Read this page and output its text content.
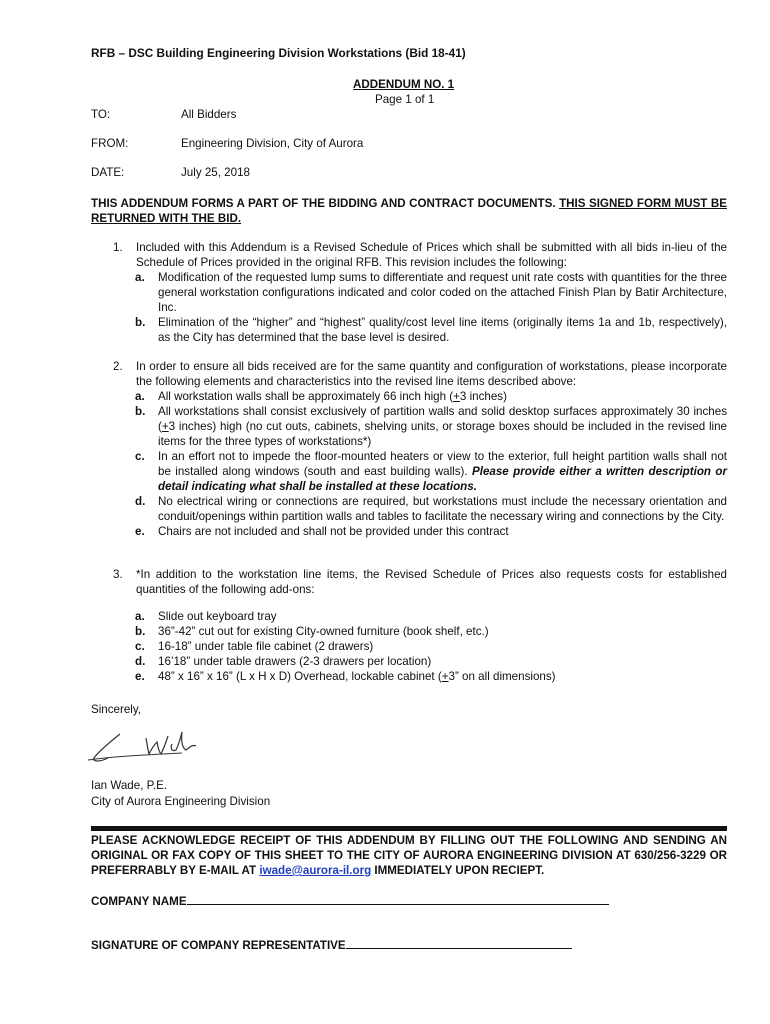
RFB – DSC Building Engineering Division Workstations (Bid 18-41)
ADDENDUM NO. 1
Page 1 of 1
TO:	All Bidders
FROM:	Engineering Division, City of Aurora
DATE:	July 25, 2018
THIS ADDENDUM FORMS A PART OF THE BIDDING AND CONTRACT DOCUMENTS. THIS SIGNED FORM MUST BE RETURNED WITH THE BID.
1. Included with this Addendum is a Revised Schedule of Prices which shall be submitted with all bids in-lieu of the Schedule of Prices provided in the original RFB. This revision includes the following:
a. Modification of the requested lump sums to differentiate and request unit rate costs with quantities for the three general workstation configurations indicated and color coded on the attached Finish Plan by Batir Architecture, Inc.
b. Elimination of the “higher” and “highest” quality/cost level line items (originally items 1a and 1b, respectively), as the City has determined that the base level is desired.
2. In order to ensure all bids received are for the same quantity and configuration of workstations, please incorporate the following elements and characteristics into the revised line items described above:
a. All workstation walls shall be approximately 66 inch high (+3 inches)
b. All workstations shall consist exclusively of partition walls and solid desktop surfaces approximately 30 inches (+3 inches) high (no cut outs, cabinets, shelving units, or storage boxes should be included in the revised line items for the three types of workstations*)
c. In an effort not to impede the floor-mounted heaters or view to the exterior, full height partition walls shall not be installed along windows (south and east building walls). Please provide either a written description or detail indicating what shall be installed at these locations.
d. No electrical wiring or connections are required, but workstations must include the necessary orientation and conduit/openings within partition walls and tables to facilitate the necessary wiring and connections by the City.
e. Chairs are not included and shall not be provided under this contract
3. *In addition to the workstation line items, the Revised Schedule of Prices also requests costs for established quantities of the following add-ons:
a. Slide out keyboard tray
b. 36”-42” cut out for existing City-owned furniture (book shelf, etc.)
c. 16-18” under table file cabinet (2 drawers)
d. 16’18” under table drawers (2-3 drawers per location)
e. 48” x 16” x 16” (L x H x D) Overhead, lockable cabinet (+3” on all dimensions)
Sincerely,
Ian Wade, P.E.
City of Aurora Engineering Division
PLEASE ACKNOWLEDGE RECEIPT OF THIS ADDENDUM BY FILLING OUT THE FOLLOWING AND SENDING AN ORIGINAL OR FAX COPY OF THIS SHEET TO THE CITY OF AURORA ENGINEERING DIVISION AT 630/256-3229 OR PREFERRABLY BY E-MAIL AT iwade@aurora-il.org IMMEDIATELY UPON RECIEPT.
COMPANY NAME
SIGNATURE OF COMPANY REPRESENTATIVE
